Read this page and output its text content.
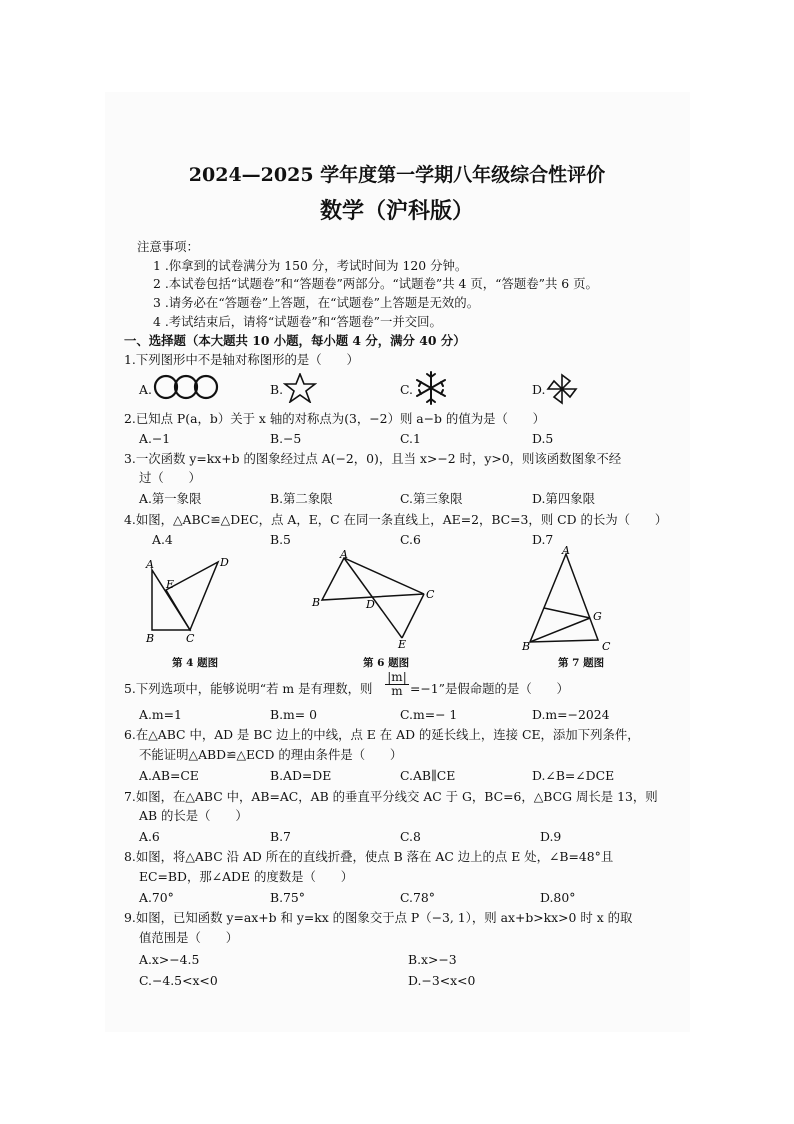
2024—2025 学年度第一学期八年级综合性评价
数学（沪科版）
注意事项：
1 .你拿到的试卷满分为 150 分，考试时间为 120 分钟。
2 .本试卷包括“试题卷”和“答题卷”两部分。“试题卷”共 4 页，“答题卷”共 6 页。
3 .请务必在“答题卷”上答题，在“试题卷”上答题是无效的。
4 .考试结束后，请将“试题卷”和“答题卷”一并交回。
一、选择题（本大题共 10 小题，每小题 4 分，满分 40 分）
1.下列图形中不是轴对称图形的是（　　）
A.	B.	C.	D.
2.已知点 P(a，b）关于 x 轴的对称点为(3，−2）则 a−b 的值为是（　　）
A.−1	B.−5	C.1	D.5
3.一次函数 y=kx+b 的图象经过点 A(−2，0)，且当 x>−2 时，y>0，则该函数图象不经
过（　　）
A.第一象限	B.第二象限	C.第三象限	D.第四象限
4.如图，△ABC≌△DEC，点 A，E，C 在同一条直线上，AE=2，BC=3，则 CD 的长为（　　）
A.4	B.5	C.6	D.7
A	D
E
B	C
第 4 题图
A
B	D
C
E
第 6 题图
A
G
B	C
第 7 题图
5.下列选项中，能够说明“若 m 是有理数，则 $\frac{|m|}{m} =-1$”是假命题的是（　　）
A.m=1	B.m= 0	C.m=− 1	D.m=−2024
6.在△ABC 中，AD 是 BC 边上的中线，点 E 在 AD 的延长线上，连接 CE，添加下列条件，
不能证明△ABD≌△ECD 的理由条件是（　　）
A.AB=CE	B.AD=DE	C.AB∥CE	D.∠B=∠DCE
7.如图，在△ABC 中，AB=AC，AB 的垂直平分线交 AC 于 G，BC=6，△BCG 周长是 13，则
AB 的长是（　　）
A.6	B.7	C.8	D.9
8.如图，将△ABC 沿 AD 所在的直线折叠，使点 B 落在 AC 边上的点 E 处，∠B=48°且
EC=BD，那∠ADE 的度数是（　　）
A.70°	B.75°	C.78°	D.80°
9.如图，已知函数 y=ax+b 和 y=kx 的图象交于点 P（−3, 1），则 ax+b>kx>0 时 x 的取
值范围是（　　）
A.x>−4.5	B.x>−3
C.−4.5<x<0	D.−3<x<0
